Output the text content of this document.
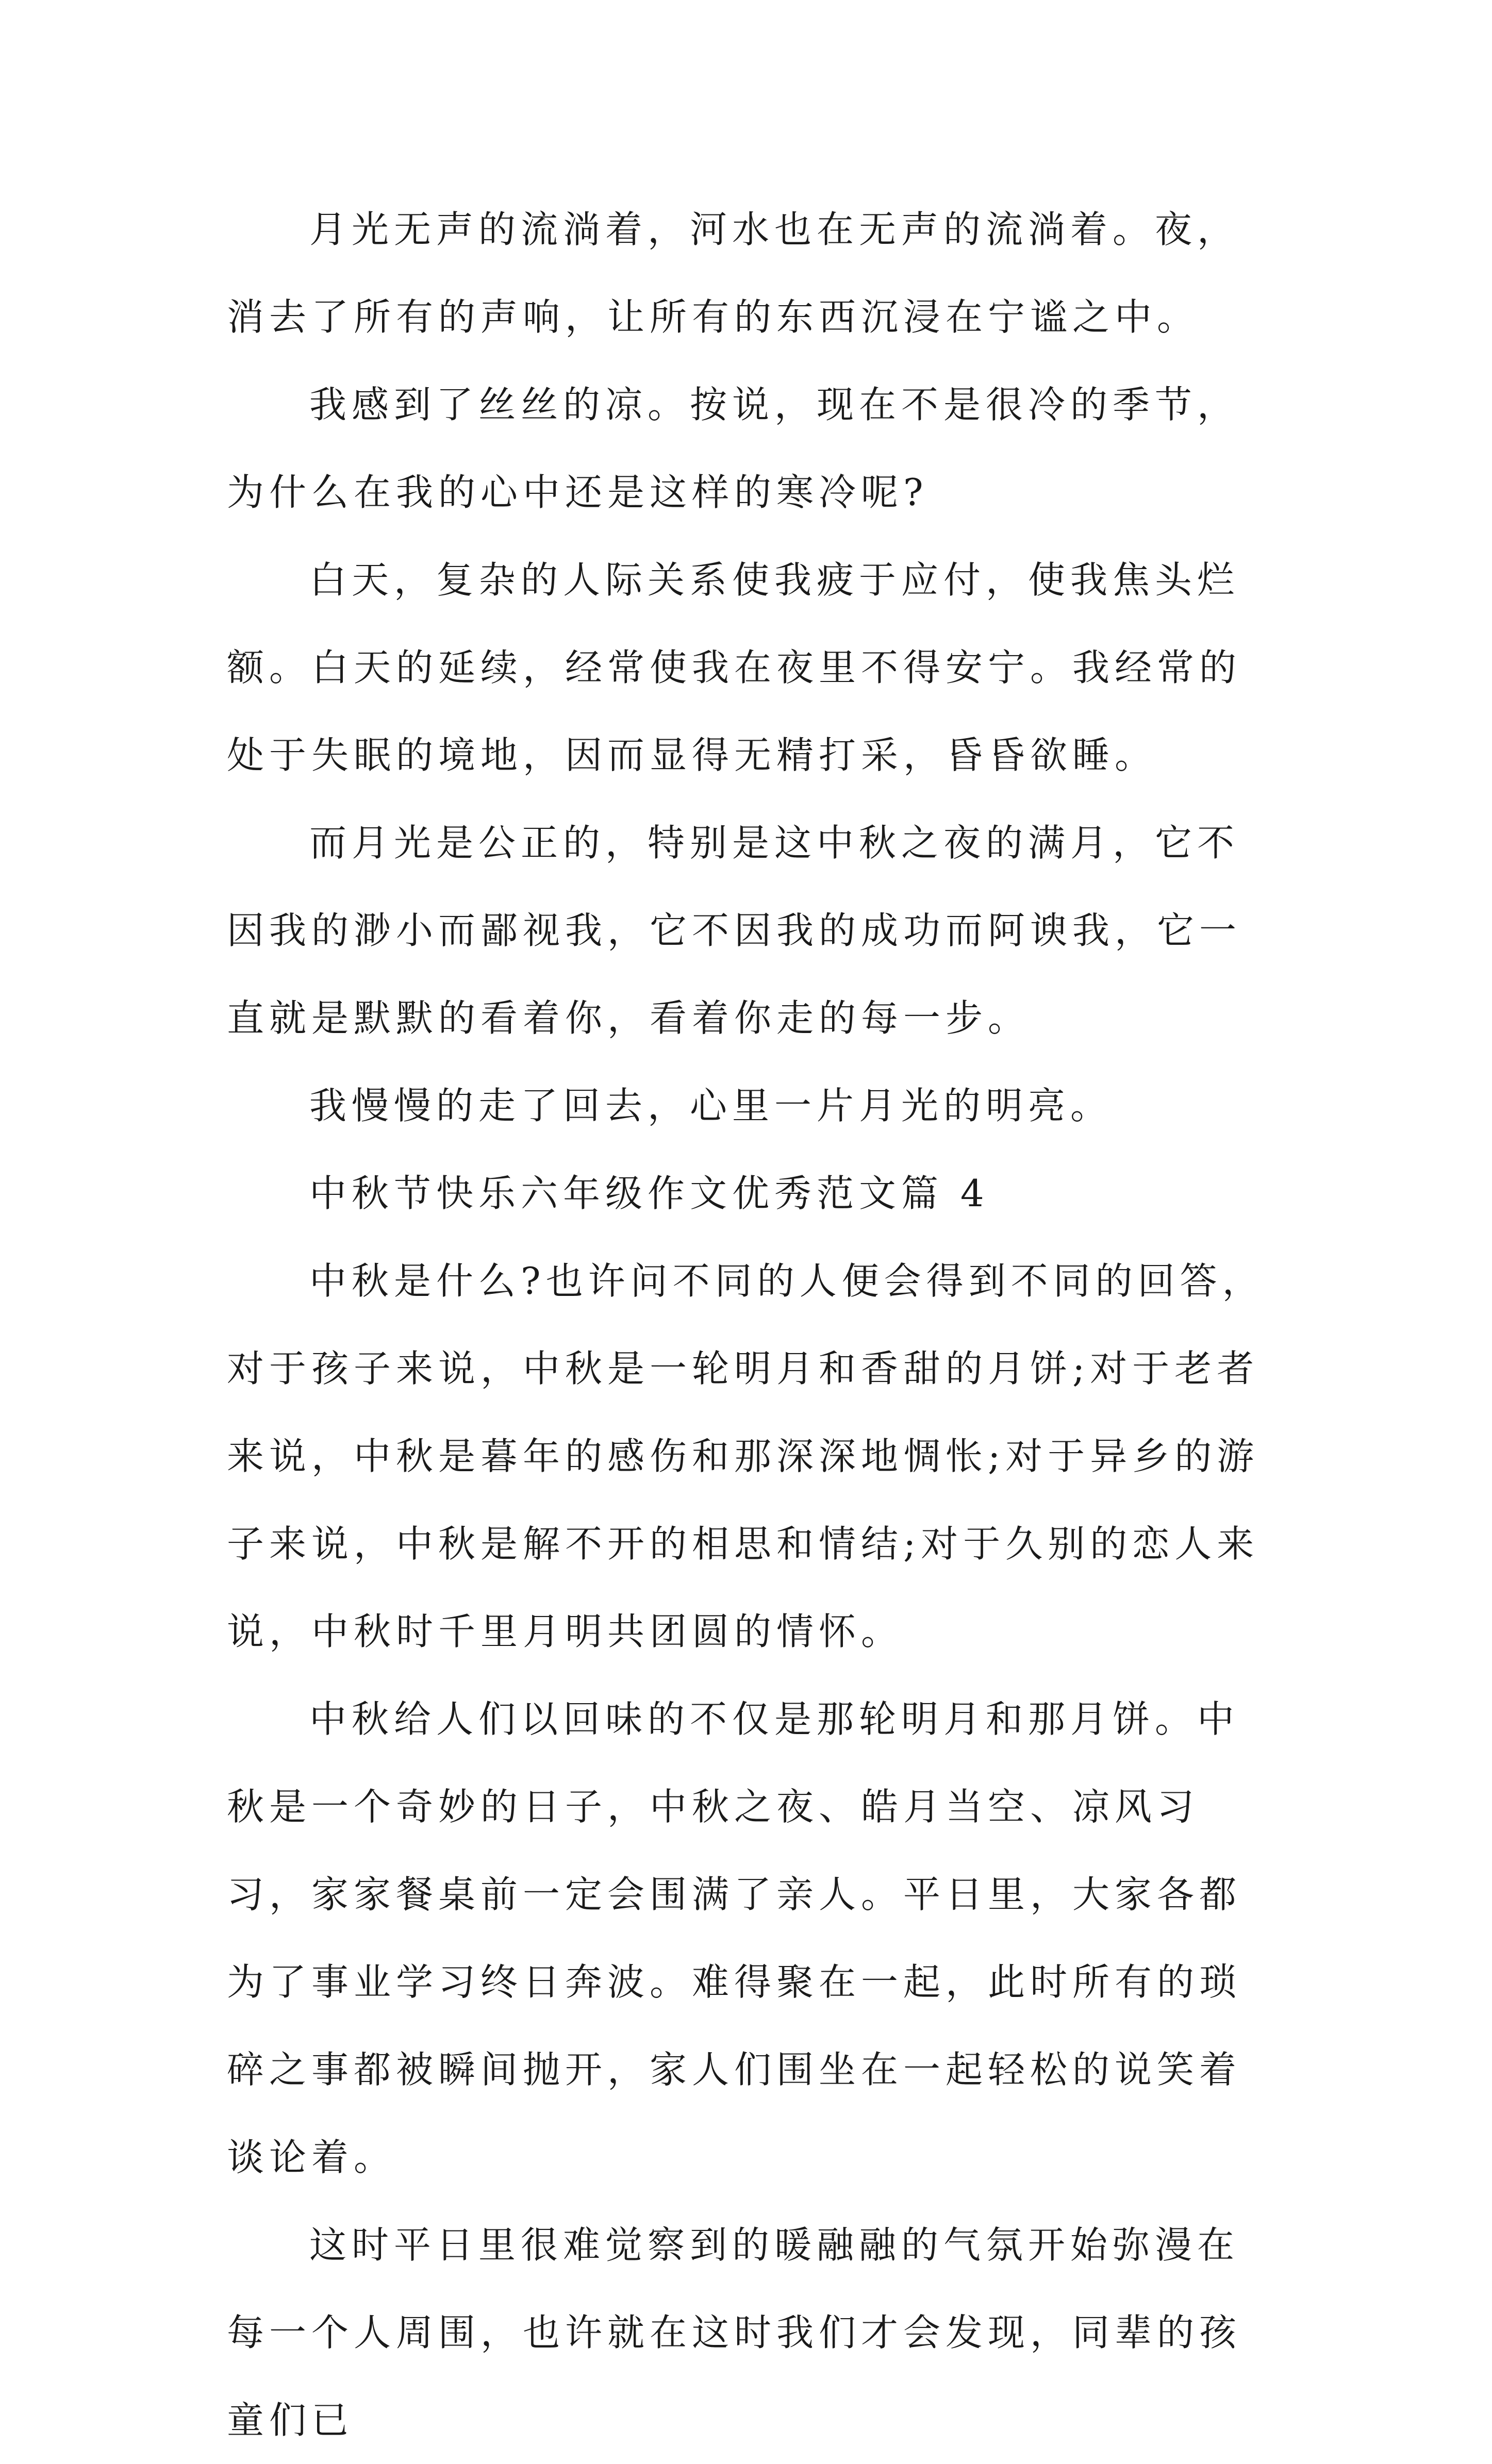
月光无声的流淌着，河水也在无声的流淌着。夜，消去了所有的声响，让所有的东西沉浸在宁谧之中。

我感到了丝丝的凉。按说，现在不是很冷的季节，为什么在我的心中还是这样的寒冷呢?

白天，复杂的人际关系使我疲于应付，使我焦头烂额。白天的延续，经常使我在夜里不得安宁。我经常的处于失眠的境地，因而显得无精打采，昏昏欲睡。

而月光是公正的，特别是这中秋之夜的满月，它不因我的渺小而鄙视我，它不因我的成功而阿谀我，它一直就是默默的看着你，看着你走的每一步。

我慢慢的走了回去，心里一片月光的明亮。

中秋节快乐六年级作文优秀范文篇 4

中秋是什么?也许问不同的人便会得到不同的回答，对于孩子来说，中秋是一轮明月和香甜的月饼;对于老者来说，中秋是暮年的感伤和那深深地惆怅;对于异乡的游子来说，中秋是解不开的相思和情结;对于久别的恋人来说，中秋时千里月明共团圆的情怀。

中秋给人们以回味的不仅是那轮明月和那月饼。中秋是一个奇妙的日子，中秋之夜、皓月当空、凉风习习，家家餐桌前一定会围满了亲人。平日里，大家各都为了事业学习终日奔波。难得聚在一起，此时所有的琐碎之事都被瞬间抛开，家人们围坐在一起轻松的说笑着谈论着。

这时平日里很难觉察到的暖融融的气氛开始弥漫在每一个人周围，也许就在这时我们才会发现，同辈的孩童们已
